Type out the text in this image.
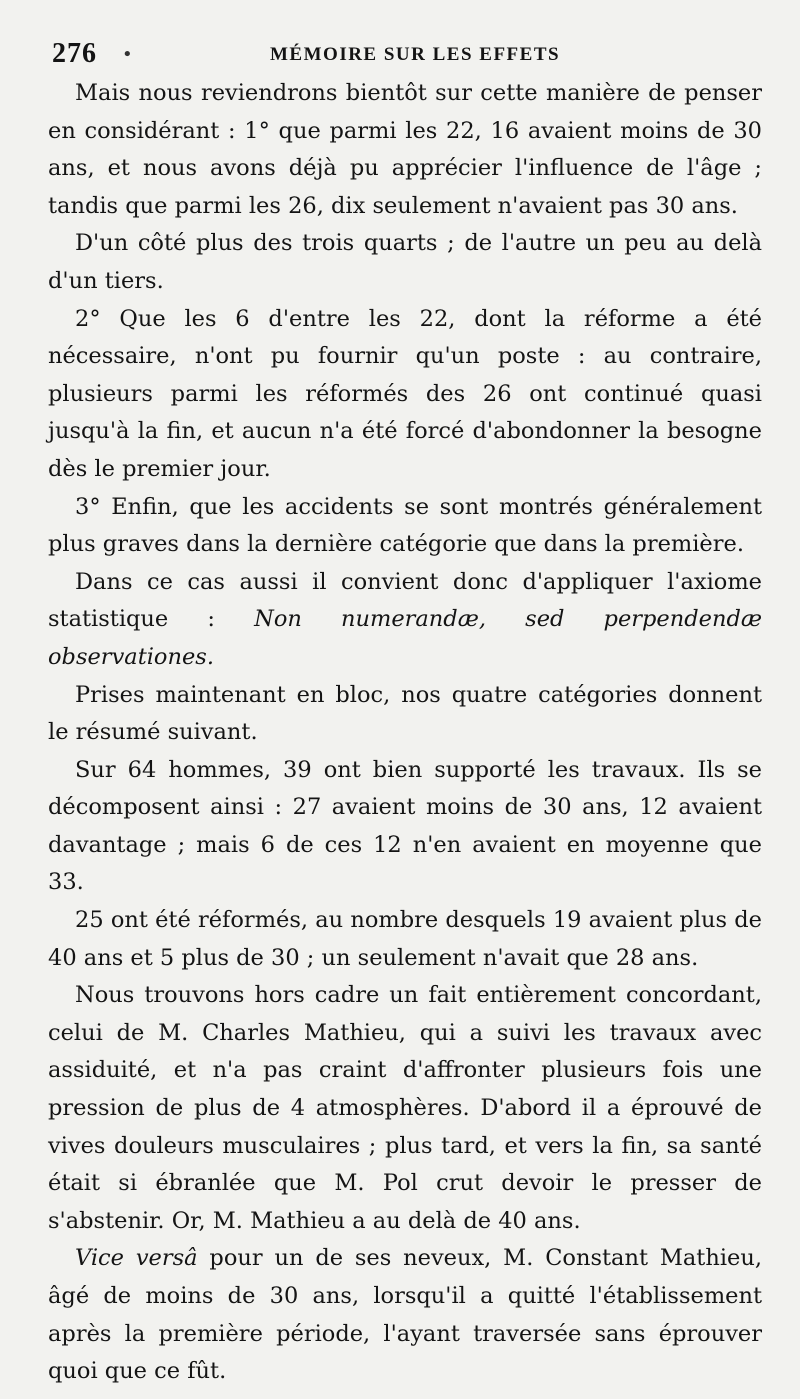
276 •	MÉMOIRE SUR LES EFFETS

Mais nous reviendrons bientôt sur cette manière de penser en considérant : 1° que parmi les 22, 16 avaient moins de 30 ans, et nous avons déjà pu apprécier l'influence de l'âge ; tandis que parmi les 26, dix seulement n'avaient pas 30 ans.

D'un côté plus des trois quarts ; de l'autre un peu au delà d'un tiers.

2° Que les 6 d'entre les 22, dont la réforme a été nécessaire, n'ont pu fournir qu'un poste : au contraire, plusieurs parmi les réformés des 26 ont continué quasi jusqu'à la fin, et aucun n'a été forcé d'abondonner la besogne dès le premier jour.

3° Enfin, que les accidents se sont montrés généralement plus graves dans la dernière catégorie que dans la première.

Dans ce cas aussi il convient donc d'appliquer l'axiome statistique : Non numerandæ, sed perpendendæ observationes.

Prises maintenant en bloc, nos quatre catégories donnent le résumé suivant.

Sur 64 hommes, 39 ont bien supporté les travaux. Ils se décomposent ainsi : 27 avaient moins de 30 ans, 12 avaient davantage ; mais 6 de ces 12 n'en avaient en moyenne que 33.

25 ont été réformés, au nombre desquels 19 avaient plus de 40 ans et 5 plus de 30 ; un seulement n'avait que 28 ans.

Nous trouvons hors cadre un fait entièrement concordant, celui de M. Charles Mathieu, qui a suivi les travaux avec assiduité, et n'a pas craint d'affronter plusieurs fois une pression de plus de 4 atmosphères. D'abord il a éprouvé de vives douleurs musculaires ; plus tard, et vers la fin, sa santé était si ébranlée que M. Pol crut devoir le presser de s'abstenir. Or, M. Mathieu a au delà de 40 ans.

Vice versâ pour un de ses neveux, M. Constant Mathieu, âgé de moins de 30 ans, lorsqu'il a quitté l'établissement après la première période, l'ayant traversée sans éprouver quoi que ce fût.
